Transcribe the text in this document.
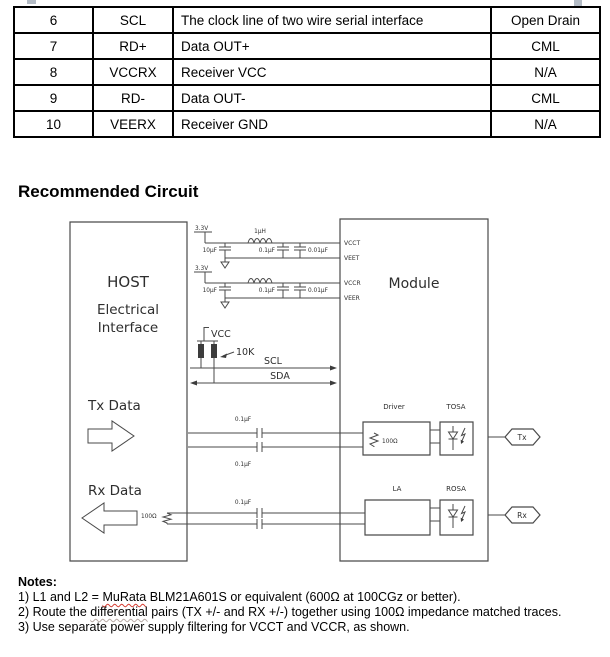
6	SCL	The clock line of two wire serial interface	Open Drain
7	RD+	Data OUT+	CML
8	VCCRX	Receiver VCC	N/A
9	RD-	Data OUT-	CML
10	VEERX	Receiver GND	N/A
Recommended Circuit
HOST
Electrical
Interface
Module
VCCT
VEET
VCCR
VEER
3.3V	1μH
10μF	0.1μF	0.01μF
3.3V
10μF	0.1μF	0.01μF
VCC
10K
SCL
SDA
Tx Data
0.1μF
0.1μF
Driver
100Ω
TOSA
Tx
Rx Data
100Ω
0.1μF
LA	ROSA
Rx
Notes:
1) L1 and L2 = MuRata BLM21A601S or equivalent (600Ω at 100CGz or better).
2) Route the differential pairs (TX +/- and RX +/-) together using 100Ω impedance matched traces.
3) Use separate power supply filtering for VCCT and VCCR, as shown.
